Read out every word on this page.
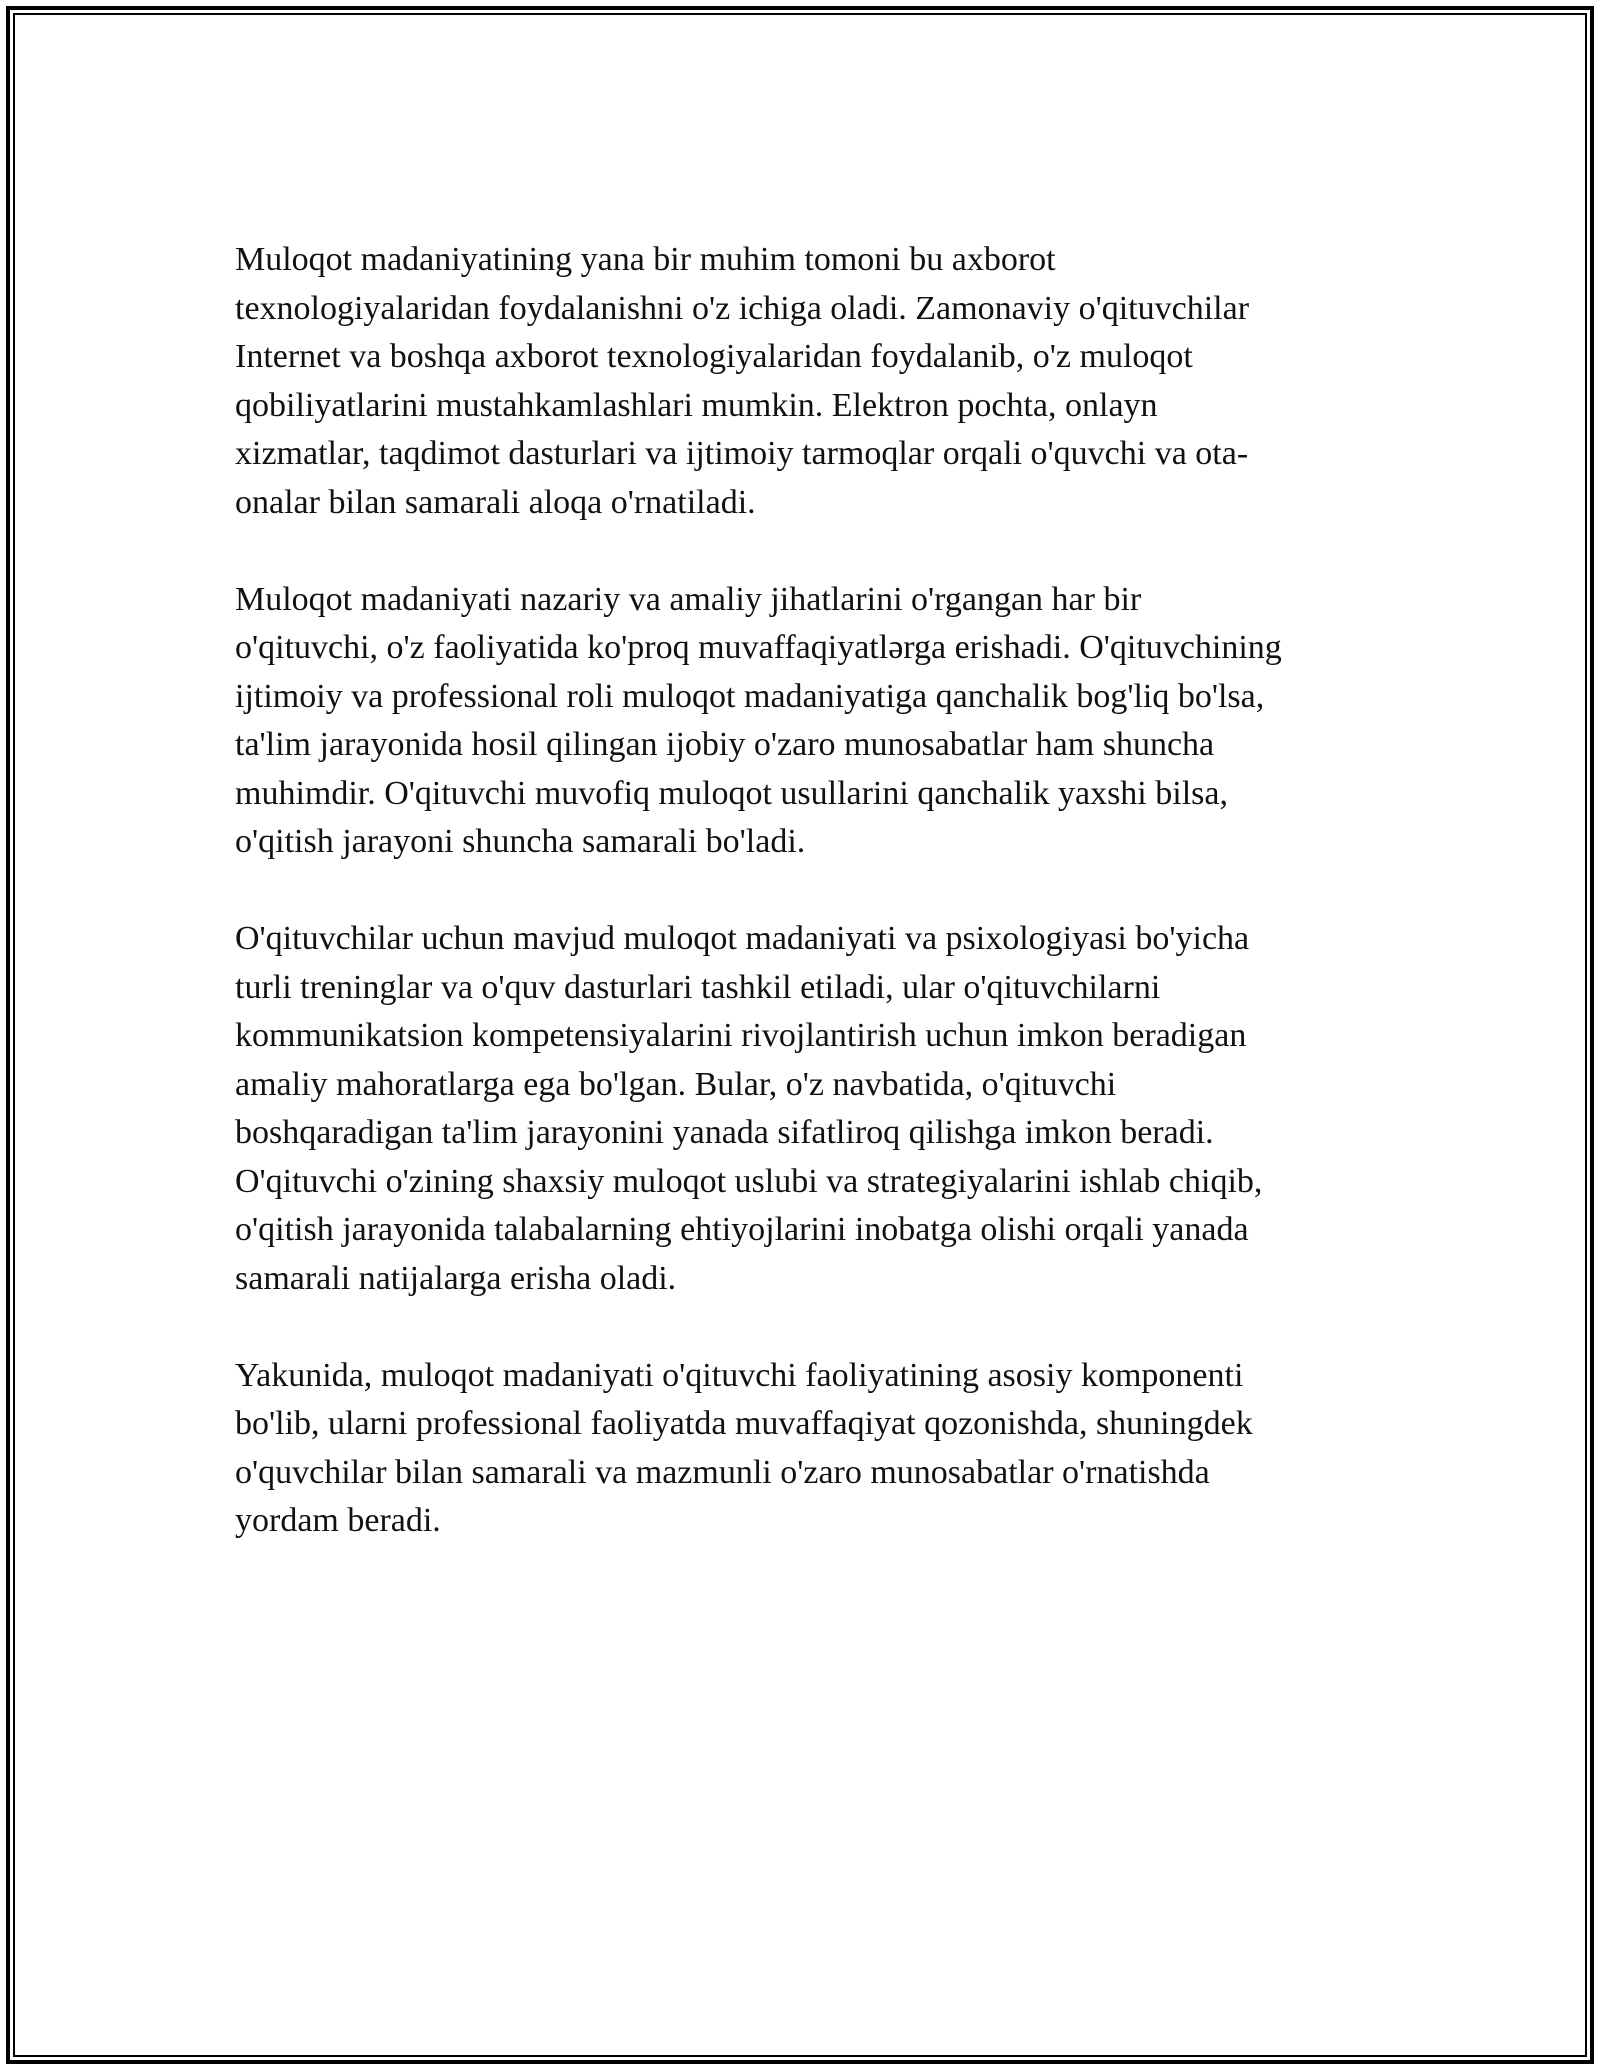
Muloqot madaniyatining yana bir muhim tomoni bu axborot
texnologiyalaridan foydalanishni o'z ichiga oladi. Zamonaviy o'qituvchilar
Internet va boshqa axborot texnologiyalaridan foydalanib, o'z muloqot
qobiliyatlarini mustahkamlashlari mumkin. Elektron pochta, onlayn
xizmatlar, taqdimot dasturlari va ijtimoiy tarmoqlar orqali o'quvchi va ota-
onalar bilan samarali aloqa o'rnatiladi.

Muloqot madaniyati nazariy va amaliy jihatlarini o'rgangan har bir
o'qituvchi, o'z faoliyatida ko'proq muvaffaqiyatlərga erishadi. O'qituvchining
ijtimoiy va professional roli muloqot madaniyatiga qanchalik bog'liq bo'lsa,
ta'lim jarayonida hosil qilingan ijobiy o'zaro munosabatlar ham shuncha
muhimdir. O'qituvchi muvofiq muloqot usullarini qanchalik yaxshi bilsa,
o'qitish jarayoni shuncha samarali bo'ladi.

O'qituvchilar uchun mavjud muloqot madaniyati va psixologiyasi bo'yicha
turli treninglar va o'quv dasturlari tashkil etiladi, ular o'qituvchilarni
kommunikatsion kompetensiyalarini rivojlantirish uchun imkon beradigan
amaliy mahoratlarga ega bo'lgan. Bular, o'z navbatida, o'qituvchi
boshqaradigan ta'lim jarayonini yanada sifatliroq qilishga imkon beradi.
O'qituvchi o'zining shaxsiy muloqot uslubi va strategiyalarini ishlab chiqib,
o'qitish jarayonida talabalarning ehtiyojlarini inobatga olishi orqali yanada
samarali natijalarga erisha oladi.

Yakunida, muloqot madaniyati o'qituvchi faoliyatining asosiy komponenti
bo'lib, ularni professional faoliyatda muvaffaqiyat qozonishda, shuningdek
o'quvchilar bilan samarali va mazmunli o'zaro munosabatlar o'rnatishda
yordam beradi.
